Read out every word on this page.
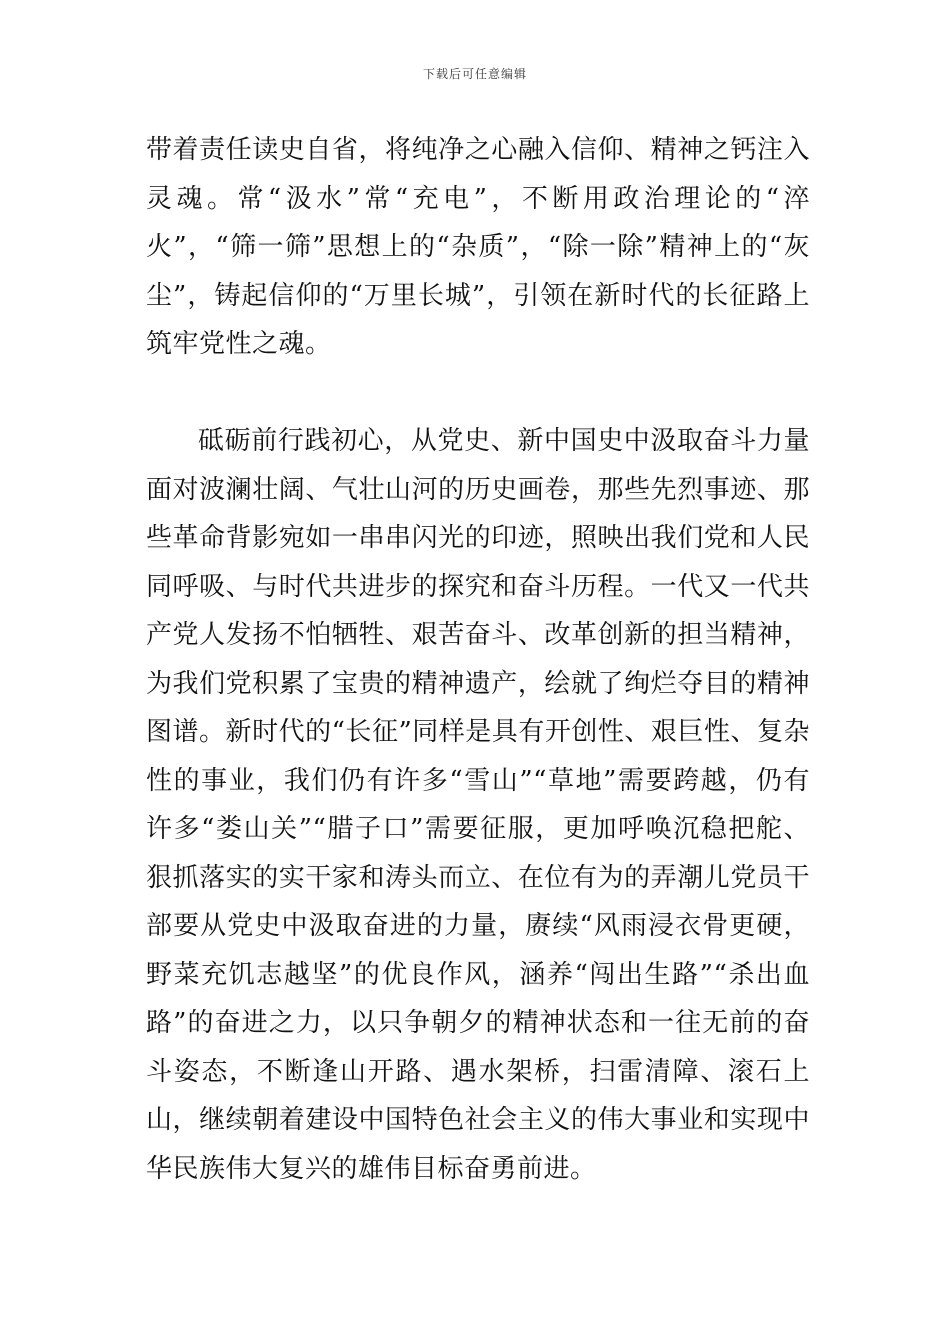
下载后可任意编辑

带着责任读史自省，将纯净之心融入信仰、精神之钙注入灵魂。常“汲水”常“充电”，不断用政治理论的“淬火”，“筛一筛”思想上的“杂质”，“除一除”精神上的“灰尘”，铸起信仰的“万里长城”，引领在新时代的长征路上筑牢党性之魂。

砥砺前行践初心，从党史、新中国史中汲取奋斗力量面对波澜壮阔、气壮山河的历史画卷，那些先烈事迹、那些革命背影宛如一串串闪光的印迹，照映出我们党和人民同呼吸、与时代共进步的探究和奋斗历程。一代又一代共产党人发扬不怕牺牲、艰苦奋斗、改革创新的担当精神，为我们党积累了宝贵的精神遗产，绘就了绚烂夺目的精神图谱。新时代的“长征”同样是具有开创性、艰巨性、复杂性的事业，我们仍有许多“雪山”“草地”需要跨越，仍有许多“娄山关”“腊子口”需要征服，更加呼唤沉稳把舵、狠抓落实的实干家和涛头而立、在位有为的弄潮儿党员干部要从党史中汲取奋进的力量，赓续“风雨浸衣骨更硬，野菜充饥志越坚”的优良作风，涵养“闯出生路”“杀出血路”的奋进之力，以只争朝夕的精神状态和一往无前的奋斗姿态，不断逢山开路、遇水架桥，扫雷清障、滚石上山，继续朝着建设中国特色社会主义的伟大事业和实现中华民族伟大复兴的雄伟目标奋勇前进。
